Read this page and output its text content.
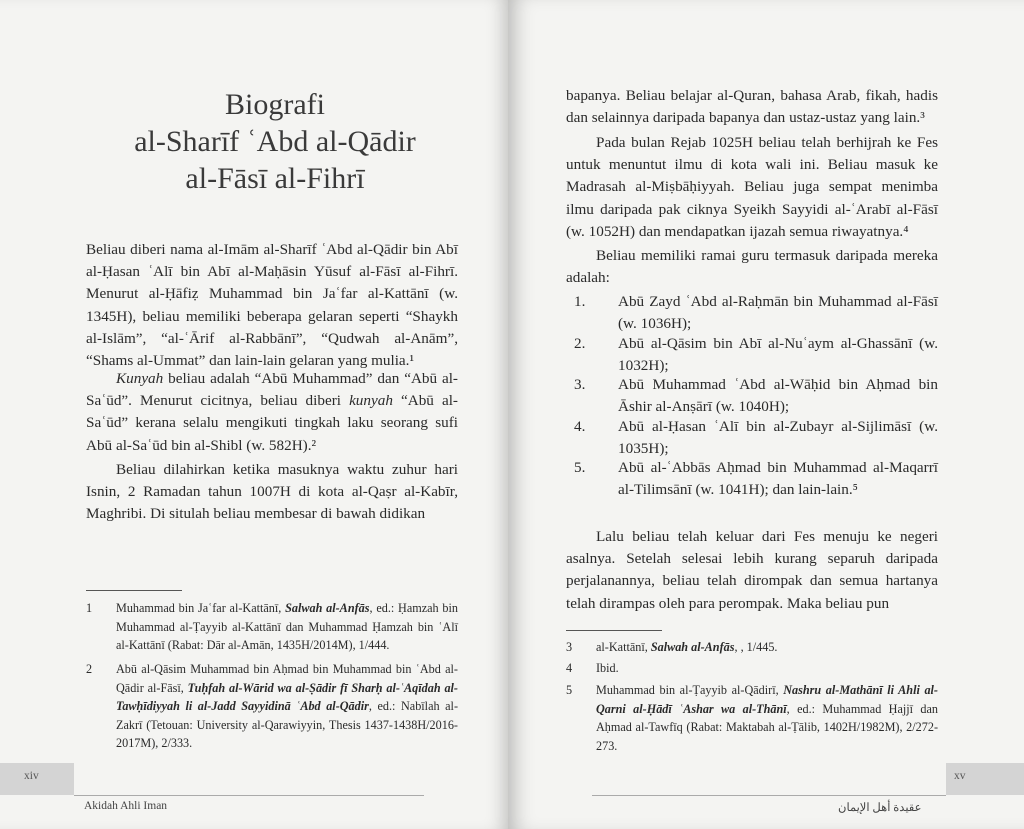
Biografi
al-Sharīf ʿAbd al-Qādir
al-Fāsī al-Fihrī

Beliau diberi nama al-Imām al-Sharīf ʿAbd al-Qādir bin Abī al-Ḥasan ʿAlī bin Abī al-Maḥāsin Yūsuf al-Fāsī al-Fihrī. Menurut al-Ḥāfiẓ Muhammad bin Jaʿfar al-Kattānī (w. 1345H), beliau memiliki beberapa gelaran seperti “Shaykh al-Islām”, “al-ʿĀrif al-Rabbānī”, “Qudwah al-Anām”, “Shams al-Ummat” dan lain-lain gelaran yang mulia.¹

Kunyah beliau adalah “Abū Muhammad” dan “Abū al-Saʿūd”. Menurut cicitnya, beliau diberi kunyah “Abū al-Saʿūd” kerana selalu mengikuti tingkah laku seorang sufi Abū al-Saʿūd bin al-Shibl (w. 582H).²

Beliau dilahirkan ketika masuknya waktu zuhur hari Isnin, 2 Ramadan tahun 1007H di kota al-Qaṣr al-Kabīr, Maghribi. Di situlah beliau membesar di bawah didikan

1 Muhammad bin Jaʿfar al-Kattānī, Salwah al-Anfās, ed.: Ḥamzah bin Muhammad al-Ṭayyib al-Kattānī dan Muhammad Ḥamzah bin ʿAlī al-Kattānī (Rabat: Dār al-Amān, 1435H/2014M), 1/444.
2 Abū al-Qāsim Muhammad bin Aḥmad bin Muhammad bin ʿAbd al-Qādir al-Fāsī, Tuḥfah al-Wārid wa al-Ṣādir fī Sharḥ al-ʿAqīdah al-Tawḥīdiyyah li al-Jadd Sayyidinā ʿAbd al-Qādir, ed.: Nabīlah al-Zakrī (Tetouan: University al-Qarawiyyin, Thesis 1437-1438H/2016-2017M), 2/333.
xiv
Akidah Ahli Iman

bapanya. Beliau belajar al-Quran, bahasa Arab, fikah, hadis dan selainnya daripada bapanya dan ustaz-ustaz yang lain.³

Pada bulan Rejab 1025H beliau telah berhijrah ke Fes untuk menuntut ilmu di kota wali ini. Beliau masuk ke Madrasah al-Miṣbāḥiyyah. Beliau juga sempat menimba ilmu daripada pak ciknya Syeikh Sayyidi al-ʿArabī al-Fāsī (w. 1052H) dan mendapatkan ijazah semua riwayatnya.⁴

Beliau memiliki ramai guru termasuk daripada mereka adalah:

1. Abū Zayd ʿAbd al-Raḥmān bin Muhammad al-Fāsī (w. 1036H);
2. Abū al-Qāsim bin Abī al-Nuʿaym al-Ghassānī (w. 1032H);
3. Abū Muhammad ʿAbd al-Wāḥid bin Aḥmad bin Āshir al-Anṣārī (w. 1040H);
4. Abū al-Ḥasan ʿAlī bin al-Zubayr al-Sijlimāsī (w. 1035H);
5. Abū al-ʿAbbās Aḥmad bin Muhammad al-Maqarrī al-Tilimsānī (w. 1041H); dan lain-lain.⁵

Lalu beliau telah keluar dari Fes menuju ke negeri asalnya. Setelah selesai lebih kurang separuh daripada perjalanannya, beliau telah dirompak dan semua hartanya telah dirampas oleh para perompak. Maka beliau pun

3 al-Kattānī, Salwah al-Anfās, , 1/445.
4 Ibid.
5 Muhammad bin al-Ṭayyib al-Qādirī, Nashru al-Mathānī li Ahli al-Qarni al-Ḥādī ʿAshar wa al-Thānī, ed.: Muhammad Ḥajjī dan Aḥmad al-Tawfīq (Rabat: Maktabah al-Ṭālib, 1402H/1982M), 2/272-273.
xv
عقيدة أهل الإيمان
